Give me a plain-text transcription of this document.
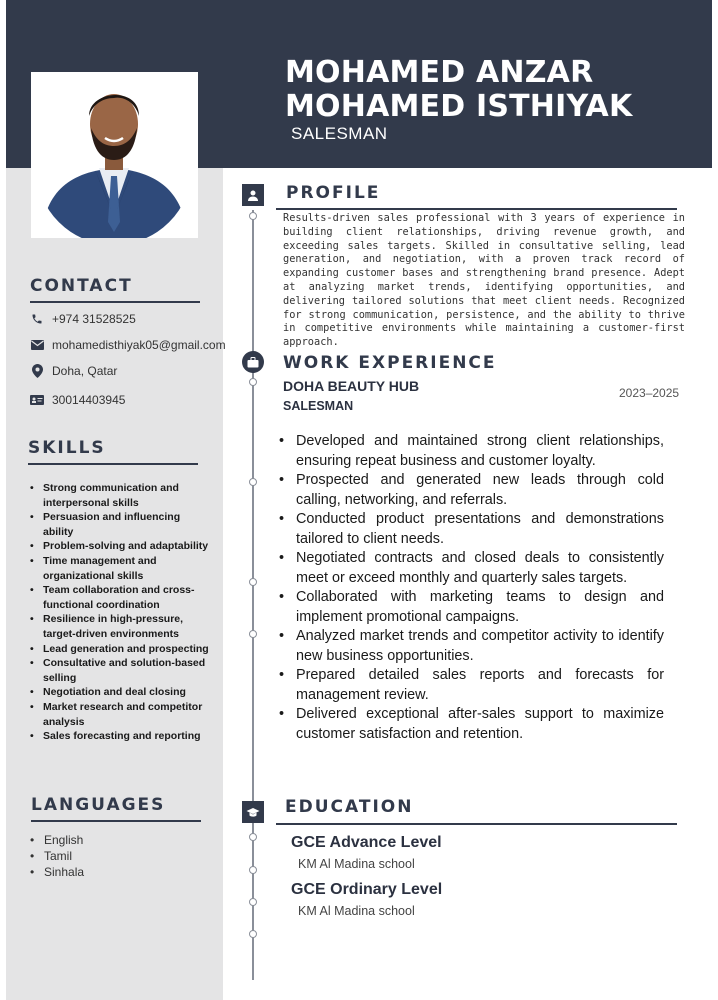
MOHAMED ANZAR
MOHAMED ISTHIYAK
SALESMAN
CONTACT
+974 31528525
mohamedisthiyak05@gmail.com
Doha, Qatar
30014403945
SKILLS
• Strong communication and interpersonal skills
• Persuasion and influencing ability
• Problem-solving and adaptability
• Time management and organizational skills
• Team collaboration and cross-functional coordination
• Resilience in high-pressure, target-driven environments
• Lead generation and prospecting
• Consultative and solution-based selling
• Negotiation and deal closing
• Market research and competitor analysis
• Sales forecasting and reporting
LANGUAGES
• English
• Tamil
• Sinhala
PROFILE
Results-driven sales professional with 3 years of experience in building client relationships, driving revenue growth, and exceeding sales targets. Skilled in consultative selling, lead generation, and negotiation, with a proven track record of expanding customer bases and strengthening brand presence. Adept at analyzing market trends, identifying opportunities, and delivering tailored solutions that meet client needs. Recognized for strong communication, persistence, and the ability to thrive in competitive environments while maintaining a customer-first approach.
WORK EXPERIENCE
DOHA BEAUTY HUB
SALESMAN
2023–2025
• Developed and maintained strong client relationships, ensuring repeat business and customer loyalty.
• Prospected and generated new leads through cold calling, networking, and referrals.
• Conducted product presentations and demonstrations tailored to client needs.
• Negotiated contracts and closed deals to consistently meet or exceed monthly and quarterly sales targets.
• Collaborated with marketing teams to design and implement promotional campaigns.
• Analyzed market trends and competitor activity to identify new business opportunities.
• Prepared detailed sales reports and forecasts for management review.
• Delivered exceptional after-sales support to maximize customer satisfaction and retention.
EDUCATION
GCE Advance Level
KM Al Madina school
GCE Ordinary Level
KM Al Madina school
